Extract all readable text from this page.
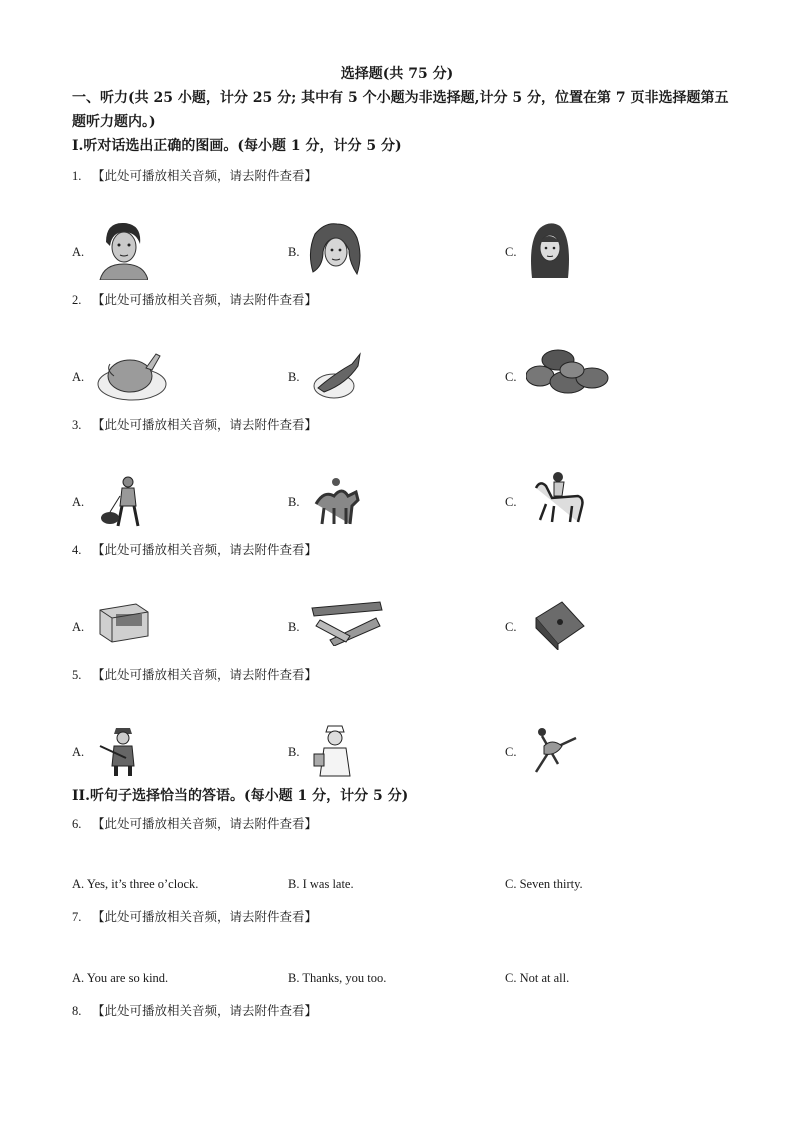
选择题(共 75 分)
一、听力(共 25 小题，计分 25 分; 其中有 5 个小题为非选择题,计分 5 分，位置在第 7 页非选择题第五题听力题内。)
I.听对话选出正确的图画。(每小题 1 分，计分 5 分)
1. 【此处可播放相关音频，请去附件查看】
A.	B.	C.
2. 【此处可播放相关音频，请去附件查看】
A.	B.	C.
3. 【此处可播放相关音频，请去附件查看】
A.	B.	C.
4. 【此处可播放相关音频，请去附件查看】
A.	B.	C.
5. 【此处可播放相关音频，请去附件查看】
A.	B.	C.
II.听句子选择恰当的答语。(每小题 1 分，计分 5 分)
6. 【此处可播放相关音频，请去附件查看】
A. Yes, it’s three o’clock.	B. I was late.	C. Seven thirty.
7. 【此处可播放相关音频，请去附件查看】
A. You are so kind.	B. Thanks, you too.	C. Not at all.
8. 【此处可播放相关音频，请去附件查看】
